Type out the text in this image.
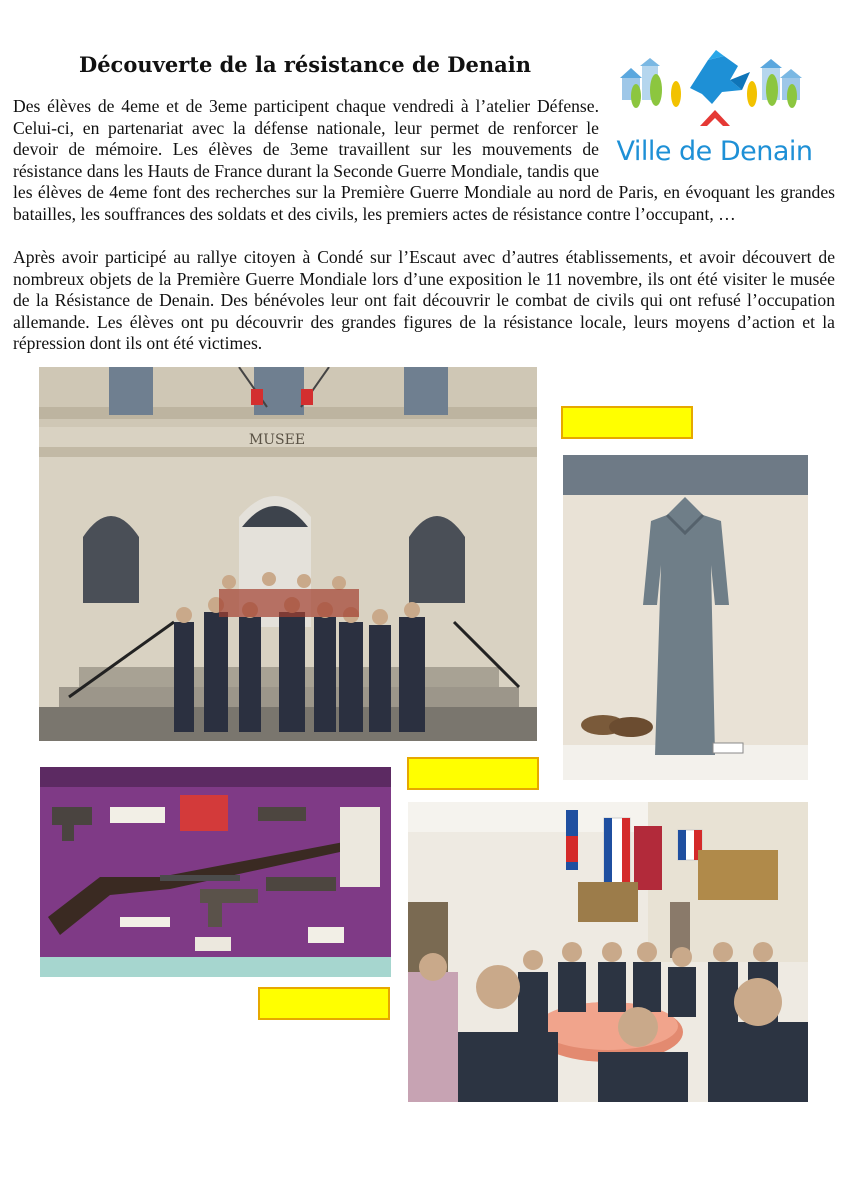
Découverte de la résistance de Denain
Ville de Denain

Des élèves de 4eme et de 3eme participent chaque vendredi à l’atelier Défense. Celui-ci, en partenariat avec la défense nationale, leur permet de renforcer le devoir de mémoire. Les élèves de 3eme travaillent sur les mouvements de résistance dans les Hauts de France durant la Seconde Guerre Mondiale, tandis que les élèves de 4eme font des recherches sur la Première Guerre Mondiale au nord de Paris, en évoquant les grandes batailles, les souffrances des soldats et des civils, les premiers actes de résistance contre l’occupant, …

Après avoir participé au rallye citoyen à Condé sur l’Escaut avec d’autres établissements, et avoir découvert de nombreux objets de la Première Guerre Mondiale lors d’une exposition le 11 novembre, ils ont été visiter le musée de la Résistance de Denain. Des bénévoles leur ont fait découvrir le combat de civils qui ont refusé l’occupation allemande. Les élèves ont pu découvrir des grandes figures de la résistance locale, leurs moyens d’action et la répression dont ils ont été victimes.

MUSEE
